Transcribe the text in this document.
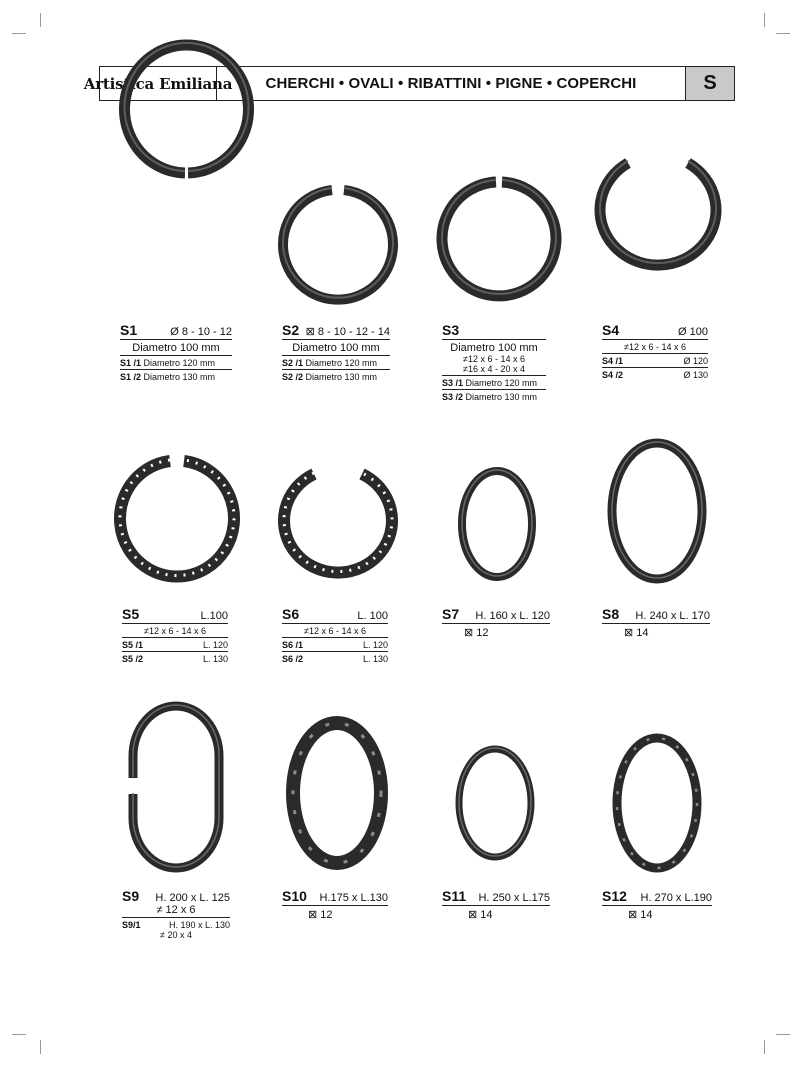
Artistica Emiliana	CHERCHI • OVALI • RIBATTINI • PIGNE • COPERCHI	S
S1	Ø 8 - 10 - 12
Diametro 100 mm
S1 /1 Diametro 120 mm
S1 /2 Diametro 130 mm
S2 ⊠ 8 - 10 - 12 - 14
Diametro 100 mm
S2 /1 Diametro 120 mm
S2 /2 Diametro 130 mm
S3
Diametro 100 mm
≠12 x 6 - 14 x 6
≠16 x 4 - 20 x 4
S3 /1 Diametro 120 mm
S3 /2 Diametro 130 mm
S4	Ø 100
≠12 x 6 - 14 x 6
S4 /1	Ø 120
S4 /2	Ø 130
S5	L.100
≠12 x 6 - 14 x 6
S5 /1	L. 120
S5 /2	L. 130
S6	L. 100
≠12 x 6 - 14 x 6
S6 /1	L. 120
S6 /2	L. 130
S7 H. 160 x L. 120
⊠ 12
S8 H. 240 x L. 170
⊠ 14
S9 H. 200 x L. 125
≠ 12 x 6
S9/1	H. 190 x L. 130
≠ 20 x 4
S10 H.175 x L.130
⊠ 12
S11 H. 250 x L.175
⊠ 14
S12 H. 270 x L.190
⊠ 14
